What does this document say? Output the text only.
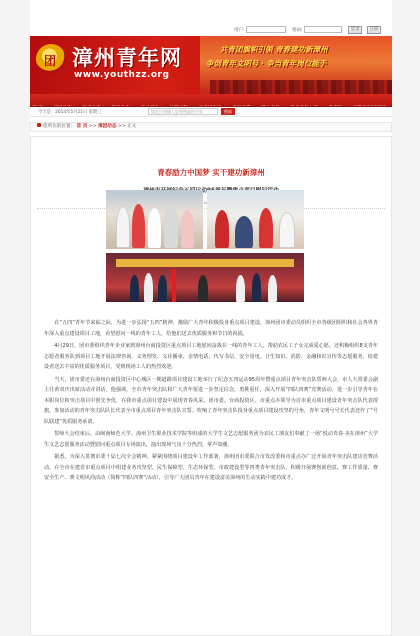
用户:	密码:	登录	注册
团 漳州青年网
www.youthzz.org
共青团旗帜引领 青春建功新漳州
争创青年文明号 · 争当青年岗位能手

今天是：2014年5月21日 星期三	请在这里输入您要搜索的内容	搜索
您所在的位置： 首 页 >> 漳团动态 >> 正文
青春励力中国梦 实干建功新漳州

在“五四”青年节来临之际，为进一步弘扬“五四”精神，激励广大青年积极投身重点项目建设，漳州团市委动员组织全市各级团组织和社会各界青年深入重点建设项目工地，看望慰问一线的青年工人，给他们送去优质服务和节日的祝福。

4月29日，团市委组织青年企业家到漳州台商投资区重点项目工地慰问奋战在一线的青年工人，帮助农民工子女完成爱心愿，还积极组织8支青年志愿者服务队到项目工地开展法律咨询、义务理发、义诊播束、亲情电话、代写书信、安全用电、计生知识、消防、金融和识宣传等志愿服务，给建设者送去丰富的优质服务项目，受到现场工人的热烈欢迎。

当天，团市委还在漳州台商投资区中心城区一期道路项目建设工地举行了纪念五四运动95周年暨重点项目青年突击队誓师大会，市人大常委会副主任黄双庆出席活动并讲话，他强调，全市青年突击队和广大青年要进一步坚定信念，勇挑重任，深入开展“四队四赛”竞赛活动，进一步引导青年在本职岗位和突击项目中创先争优，在我市重点项目建设中展现青春风采。团市委、台商投资区、市重点办领导为首市重点项目建设青年突击队代表授旗，参加活动的青年突击队队长代表全市重点项目青年突击队宣誓。吹响了青年突击队投身重点项目建设攻坚的号角，青年文明号号长代表还作了“号队联建”优质服务承诺。

誓师大会结束后，由闽南师范大学、漳州卫生职业技术学院等组成的大学生文艺志愿服务团为农民工朋友们奉献了一场“悦动青春·美在漳州”大学生文艺志愿服务活动暨慰问重点项目专场演出，演出现场气氛十分热烈，掌声如潮。

据悉，为深入贯彻市委十届七次全会精神，紧紧围绕项目建设年工作部署，漳州团市委联合市发改委和市重点办广泛开展青年突击队建功竞赛活动，在全市在建省市重点项目中组建业务攻坚型、民生保障型、生态环保型、市政建设型等四类青年突击队，积极开展赛创新创意、赛工作质量、赛安全生产、赛文明风尚活动（简称“四队四赛”活动），引导广大团员青年在建设富美漳州的生动实践中建功成才。
